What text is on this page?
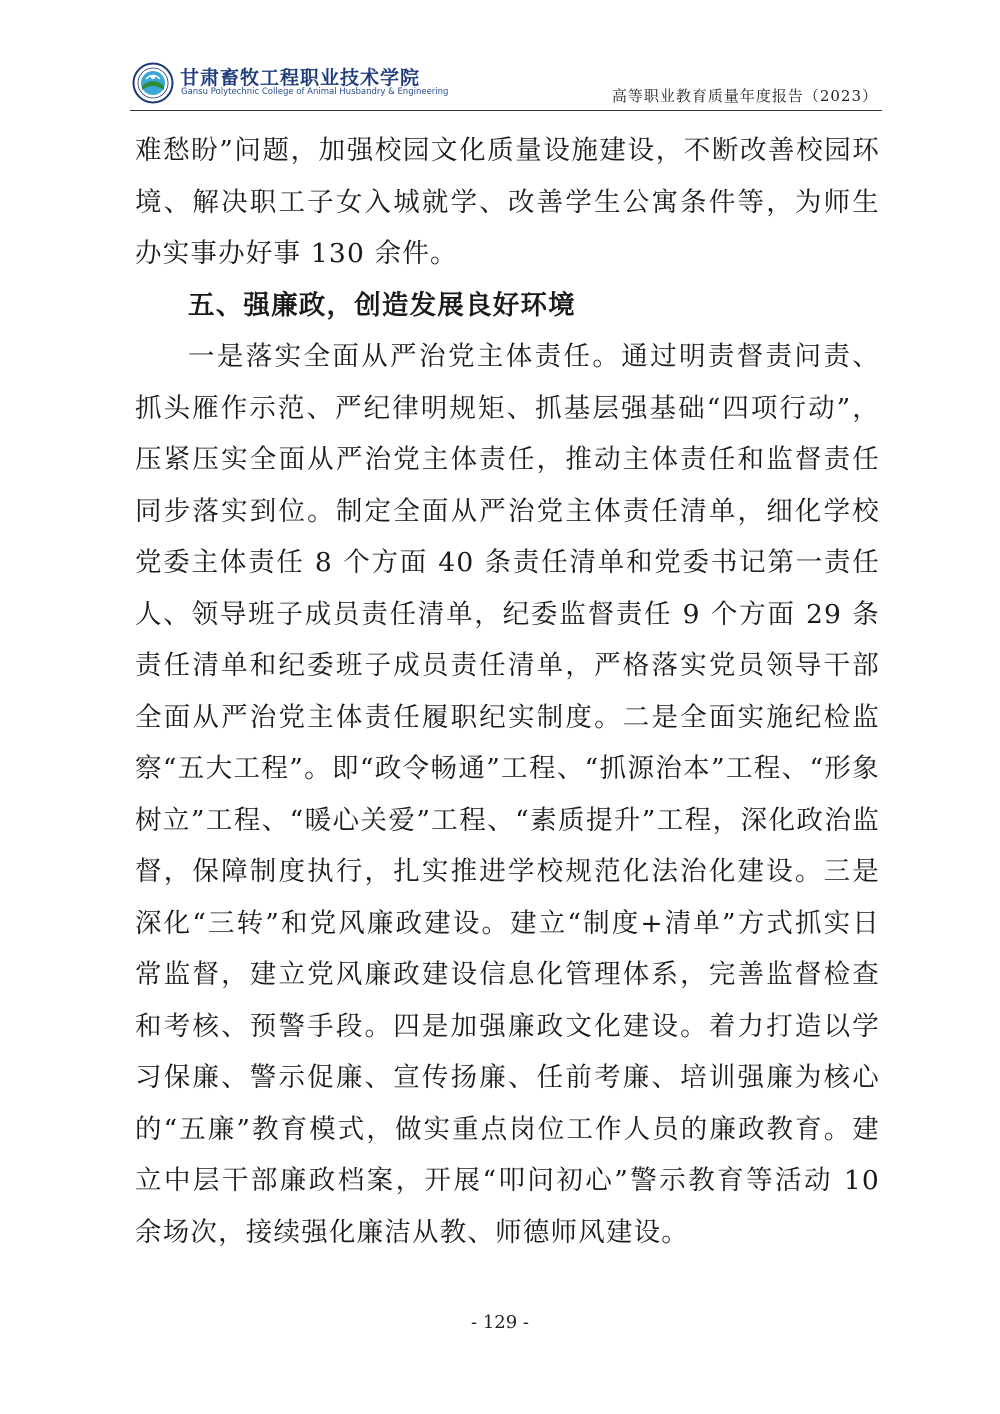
甘肃畜牧工程职业技术学院
Gansu Polytechnic College of Animal Husbandry & Engineering	高等职业教育质量年度报告（2023）

难愁盼”问题，加强校园文化质量设施建设，不断改善校园环境、解决职工子女入城就学、改善学生公寓条件等，为师生办实事办好事 130 余件。

五、强廉政，创造发展良好环境

一是落实全面从严治党主体责任。通过明责督责问责、抓头雁作示范、严纪律明规矩、抓基层强基础“四项行动”，压紧压实全面从严治党主体责任，推动主体责任和监督责任同步落实到位。制定全面从严治党主体责任清单，细化学校党委主体责任 8 个方面 40 条责任清单和党委书记第一责任人、领导班子成员责任清单，纪委监督责任 9 个方面 29 条责任清单和纪委班子成员责任清单，严格落实党员领导干部全面从严治党主体责任履职纪实制度。二是全面实施纪检监察“五大工程”。即“政令畅通”工程、“抓源治本”工程、“形象树立”工程、“暖心关爱”工程、“素质提升”工程，深化政治监督，保障制度执行，扎实推进学校规范化法治化建设。三是深化“三转”和党风廉政建设。建立“制度+清单”方式抓实日常监督，建立党风廉政建设信息化管理体系，完善监督检查和考核、预警手段。四是加强廉政文化建设。着力打造以学习保廉、警示促廉、宣传扬廉、任前考廉、培训强廉为核心的“五廉”教育模式，做实重点岗位工作人员的廉政教育。建立中层干部廉政档案，开展“叩问初心”警示教育等活动 10 余场次，接续强化廉洁从教、师德师风建设。

- 129 -
